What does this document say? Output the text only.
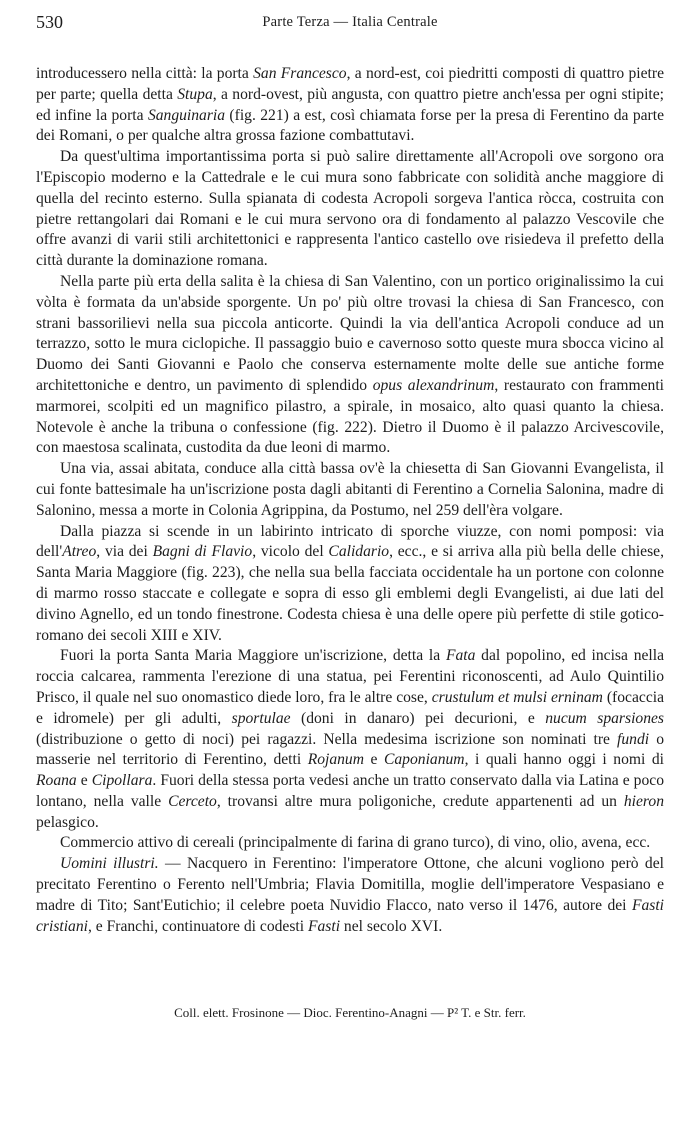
530	Parte Terza — Italia Centrale

introducessero nella città: la porta San Francesco, a nord-est, coi piedritti composti di quattro pietre per parte; quella detta Stupa, a nord-ovest, più angusta, con quattro pietre anch'essa per ogni stipite; ed infine la porta Sanguinaria (fig. 221) a est, così chiamata forse per la presa di Ferentino da parte dei Romani, o per qualche altra grossa fazione combattutavi.

Da quest'ultima importantissima porta si può salire direttamente all'Acropoli ove sorgono ora l'Episcopio moderno e la Cattedrale e le cui mura sono fabbricate con solidità anche maggiore di quella del recinto esterno. Sulla spianata di codesta Acropoli sorgeva l'antica ròcca, costruita con pietre rettangolari dai Romani e le cui mura servono ora di fondamento al palazzo Vescovile che offre avanzi di varii stili architettonici e rappresenta l'antico castello ove risiedeva il prefetto della città durante la dominazione romana.

Nella parte più erta della salita è la chiesa di San Valentino, con un portico originalissimo la cui vòlta è formata da un'abside sporgente. Un po' più oltre trovasi la chiesa di San Francesco, con strani bassorilievi nella sua piccola anticorte. Quindi la via dell'antica Acropoli conduce ad un terrazzo, sotto le mura ciclopiche. Il passaggio buio e cavernoso sotto queste mura sbocca vicino al Duomo dei Santi Giovanni e Paolo che conserva esternamente molte delle sue antiche forme architettoniche e dentro, un pavimento di splendido opus alexandrinum, restaurato con frammenti marmorei, scolpiti ed un magnifico pilastro, a spirale, in mosaico, alto quasi quanto la chiesa. Notevole è anche la tribuna o confessione (fig. 222). Dietro il Duomo è il palazzo Arcivescovile, con maestosa scalinata, custodita da due leoni di marmo.

Una via, assai abitata, conduce alla città bassa ov'è la chiesetta di San Giovanni Evangelista, il cui fonte battesimale ha un'iscrizione posta dagli abitanti di Ferentino a Cornelia Salonina, madre di Salonino, messa a morte in Colonia Agrippina, da Postumo, nel 259 dell'èra volgare.

Dalla piazza si scende in un labirinto intricato di sporche viuzze, con nomi pomposi: via dell'Atreo, via dei Bagni di Flavio, vicolo del Calidario, ecc., e si arriva alla più bella delle chiese, Santa Maria Maggiore (fig. 223), che nella sua bella facciata occidentale ha un portone con colonne di marmo rosso staccate e collegate e sopra di esso gli emblemi degli Evangelisti, ai due lati del divino Agnello, ed un tondo finestrone. Codesta chiesa è una delle opere più perfette di stile gotico-romano dei secoli XIII e XIV.

Fuori la porta Santa Maria Maggiore un'iscrizione, detta la Fata dal popolino, ed incisa nella roccia calcarea, rammenta l'erezione di una statua, pei Ferentini riconoscenti, ad Aulo Quintilio Prisco, il quale nel suo onomastico diede loro, fra le altre cose, crustulum et mulsi erninam (focaccia e idromele) per gli adulti, sportulae (doni in danaro) pei decurioni, e nucum sparsiones (distribuzione o getto di noci) pei ragazzi. Nella medesima iscrizione son nominati tre fundi o masserie nel territorio di Ferentino, detti Rojanum e Caponianum, i quali hanno oggi i nomi di Roana e Cipollara. Fuori della stessa porta vedesi anche un tratto conservato dalla via Latina e poco lontano, nella valle Cerceto, trovansi altre mura poligoniche, credute appartenenti ad un hieron pelasgico.

Commercio attivo di cereali (principalmente di farina di grano turco), di vino, olio, avena, ecc.

Uomini illustri. — Nacquero in Ferentino: l'imperatore Ottone, che alcuni vogliono però del precitato Ferentino o Ferento nell'Umbria; Flavia Domitilla, moglie dell'imperatore Vespasiano e madre di Tito; Sant'Eutichio; il celebre poeta Nuvidio Flacco, nato verso il 1476, autore dei Fasti cristiani, e Franchi, continuatore di codesti Fasti nel secolo XVI.

Coll. elett. Frosinone — Dioc. Ferentino-Anagni — P² T. e Str. ferr.
